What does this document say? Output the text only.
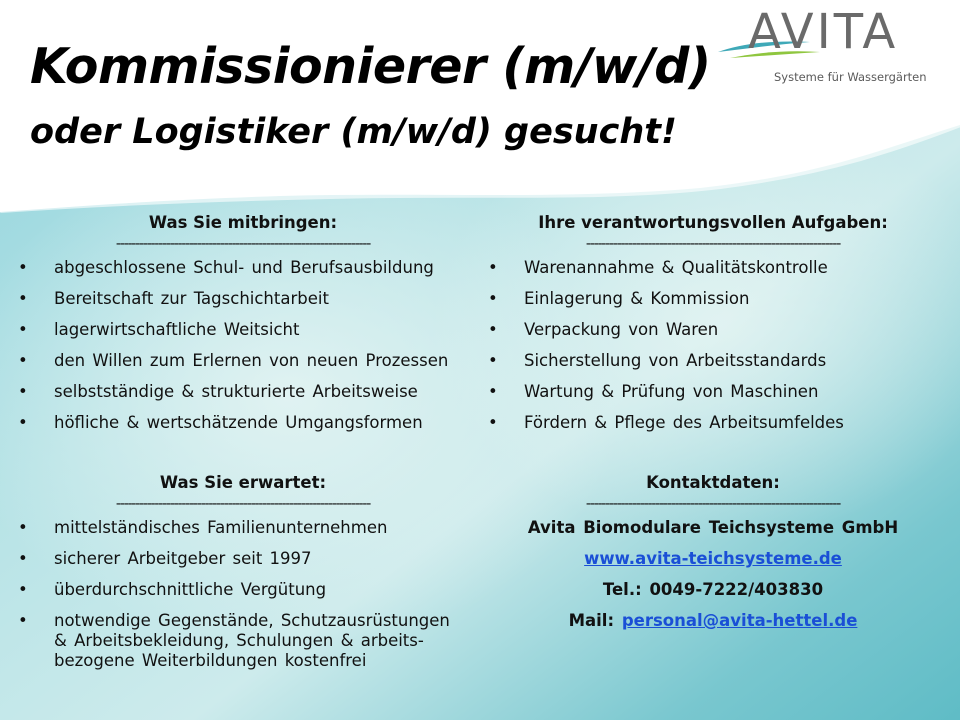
AVITA
Systeme für Wassergärten
Kommissionierer (m/w/d)
oder Logistiker (m/w/d) gesucht!

Was Sie mitbringen:

------------------------------------------------------------------
• abgeschlossene Schul- und Berufsausbildung
• Bereitschaft zur Tagschichtarbeit
• lagerwirtschaftliche Weitsicht
• den Willen zum Erlernen von neuen Prozessen
• selbstständige & strukturierte Arbeitsweise
• höfliche & wertschätzende Umgangsformen

Ihre verantwortungsvollen Aufgaben:

------------------------------------------------------------------
• Warenannahme & Qualitätskontrolle
• Einlagerung & Kommission
• Verpackung von Waren
• Sicherstellung von Arbeitsstandards
• Wartung & Prüfung von Maschinen
• Fördern & Pflege des Arbeitsumfeldes

Was Sie erwartet:

------------------------------------------------------------------
• mittelständisches Familienunternehmen
• sicherer Arbeitgeber seit 1997
• überdurchschnittliche Vergütung
• notwendige Gegenstände, Schutzausrüstungen & Arbeitsbekleidung, Schulungen & arbeits-bezogene Weiterbildungen kostenfrei

Kontaktdaten:

------------------------------------------------------------------

Avita Biomodulare Teichsysteme GmbH

www.avita-teichsysteme.de

Tel.: 0049-7222/403830

Mail: personal@avita-hettel.de
